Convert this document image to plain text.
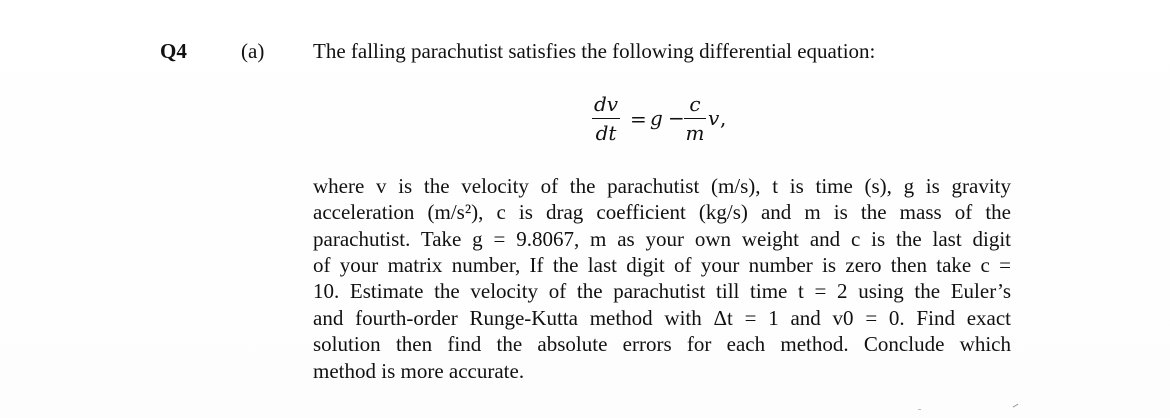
Q4	(a) The falling parachutist satisfies the following differential equation:
dv
dt
= g −
c
m
v ,
where v is the velocity of the parachutist (m/s), t is time (s), g is gravity
acceleration (m/s²), c is drag coefficient (kg/s) and m is the mass of the
parachutist. Take g = 9.8067, m as your own weight and c is the last digit
of your matrix number, If the last digit of your number is zero then take c =
10. Estimate the velocity of the parachutist till time t = 2 using the Euler’s
and fourth-order Runge-Kutta method with Δt = 1 and v0 = 0. Find exact
solution then find the absolute errors for each method. Conclude which
method is more accurate.
